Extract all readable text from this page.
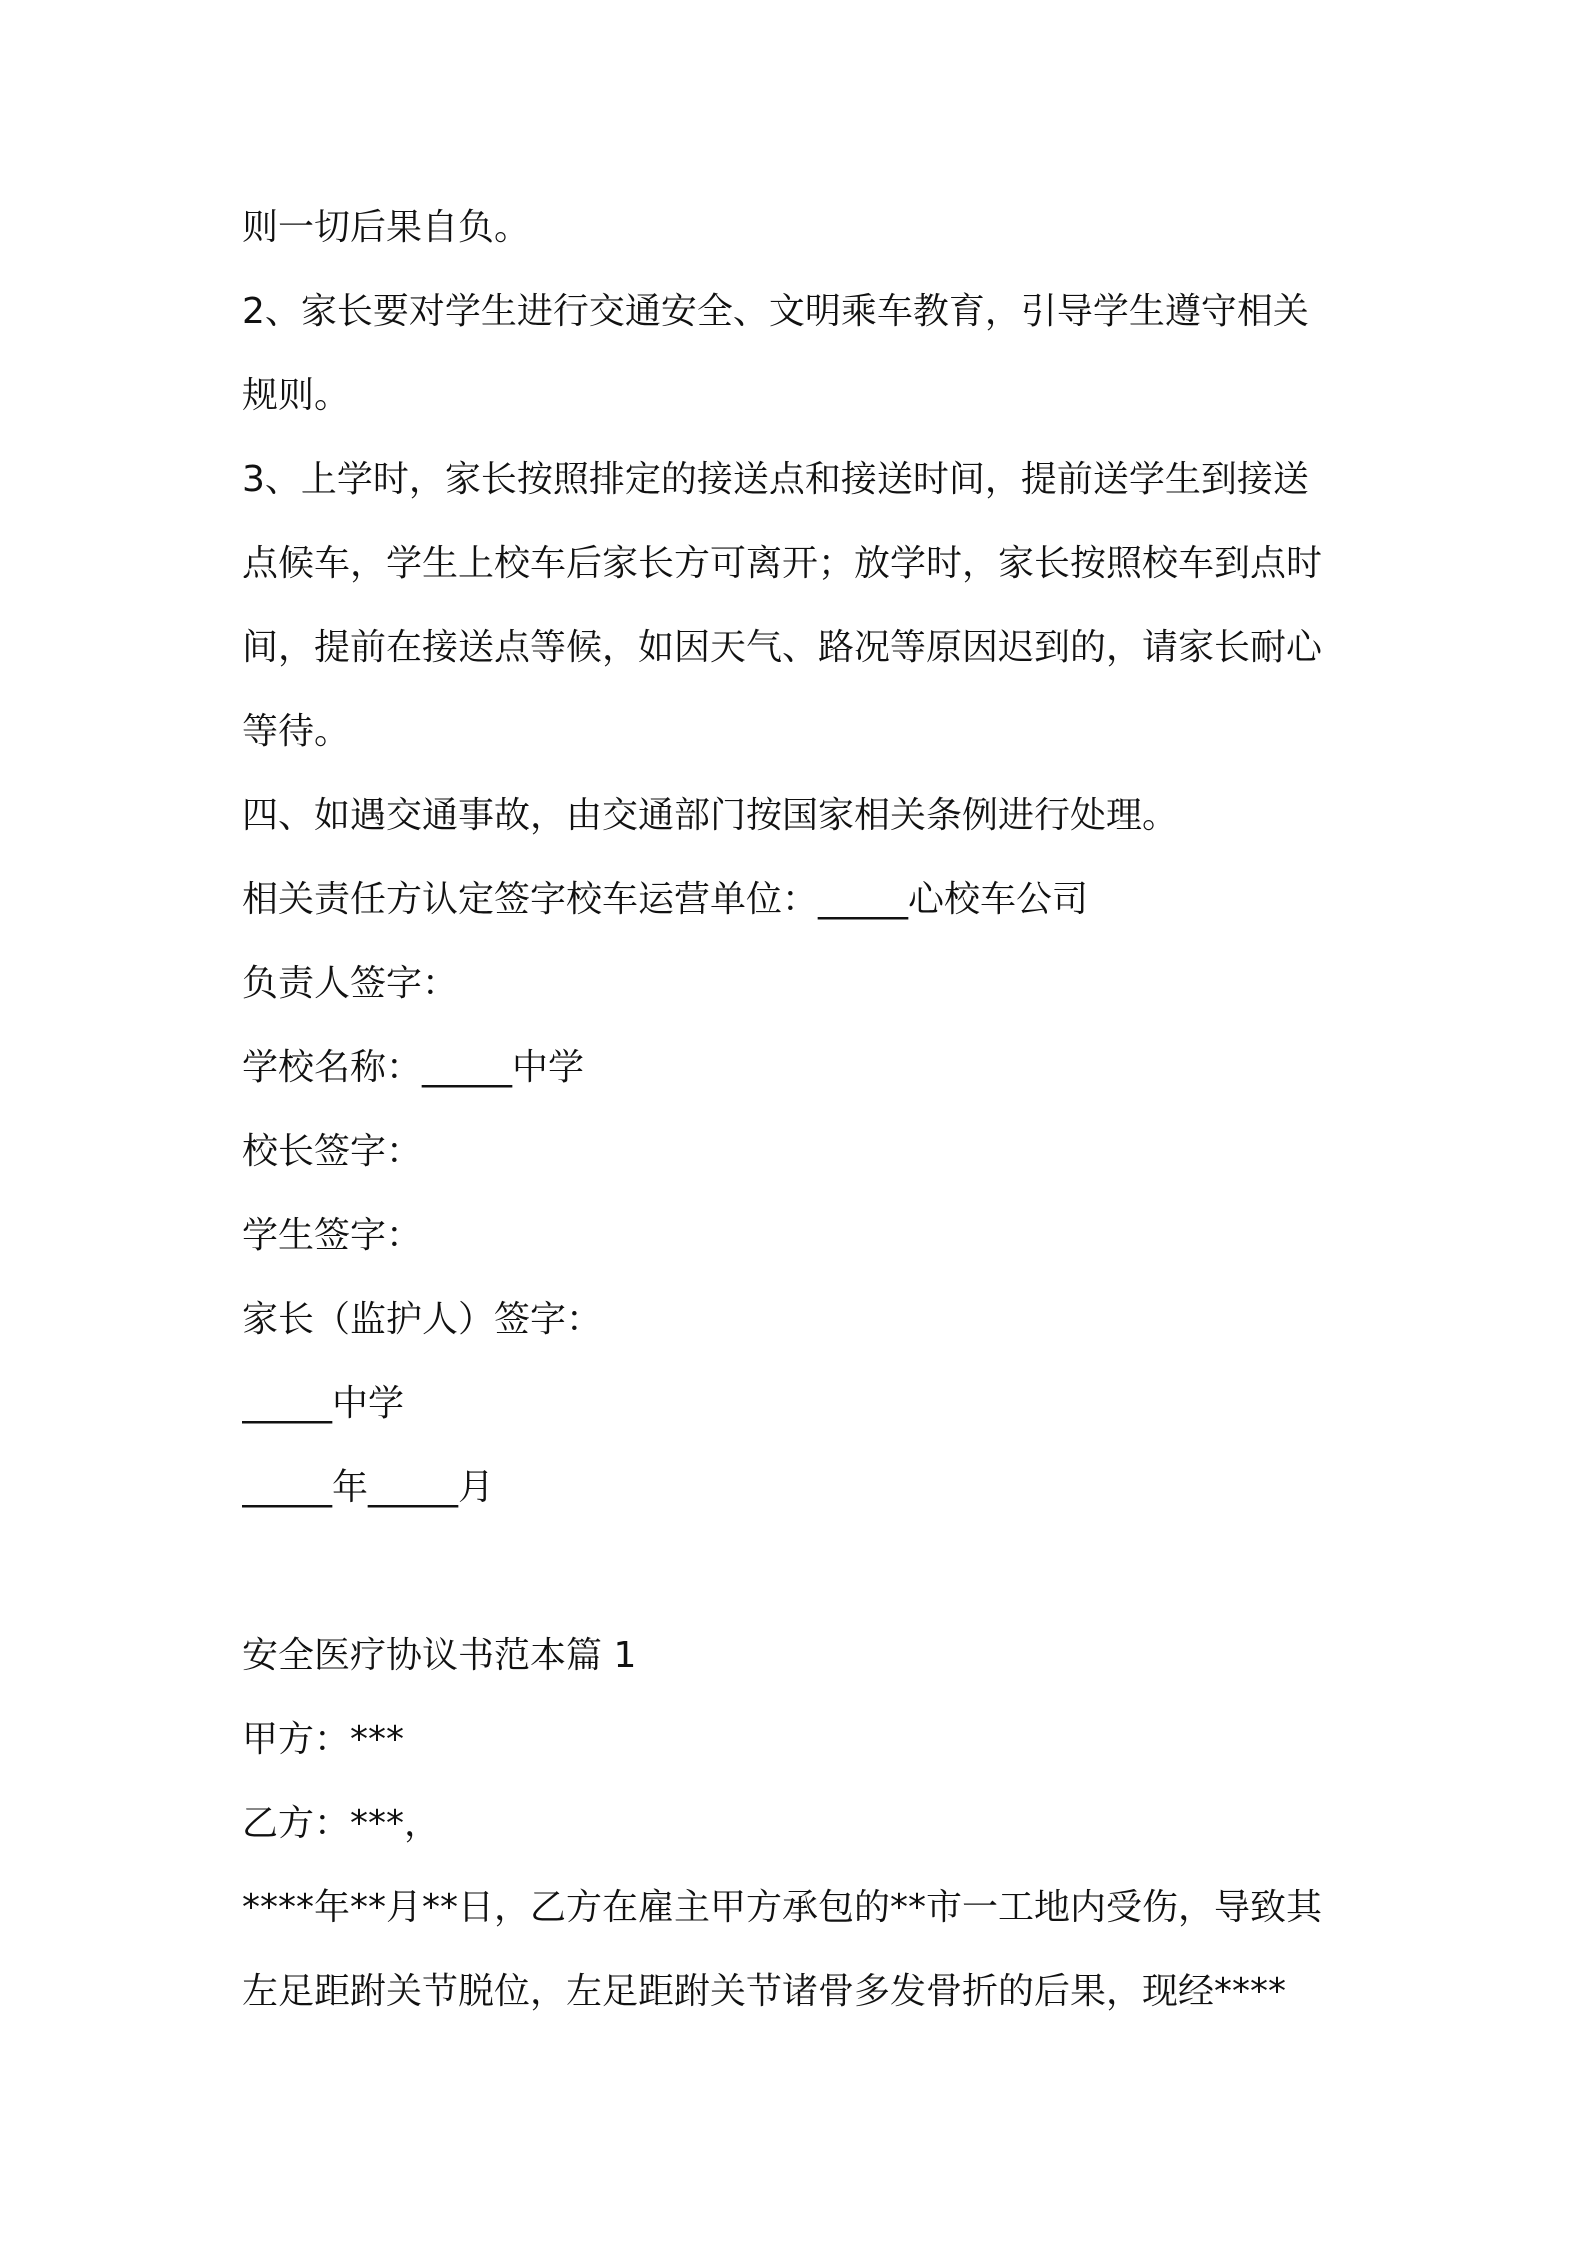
则一切后果自负。
2、家长要对学生进行交通安全、文明乘车教育，引导学生遵守相关
规则。
3、上学时，家长按照排定的接送点和接送时间，提前送学生到接送
点候车，学生上校车后家长方可离开；放学时，家长按照校车到点时
间，提前在接送点等候，如因天气、路况等原因迟到的，请家长耐心
等待。
四、如遇交通事故，由交通部门按国家相关条例进行处理。
相关责任方认定签字校车运营单位：_____心校车公司
负责人签字：
学校名称：_____中学
校长签字：
学生签字：
家长（监护人）签字：
_____中学
_____年_____月
安全医疗协议书范本篇 1
甲方：***
乙方：***，
****年**月**日，乙方在雇主甲方承包的**市一工地内受伤，导致其
左足距跗关节脱位，左足距跗关节诸骨多发骨折的后果，现经****
